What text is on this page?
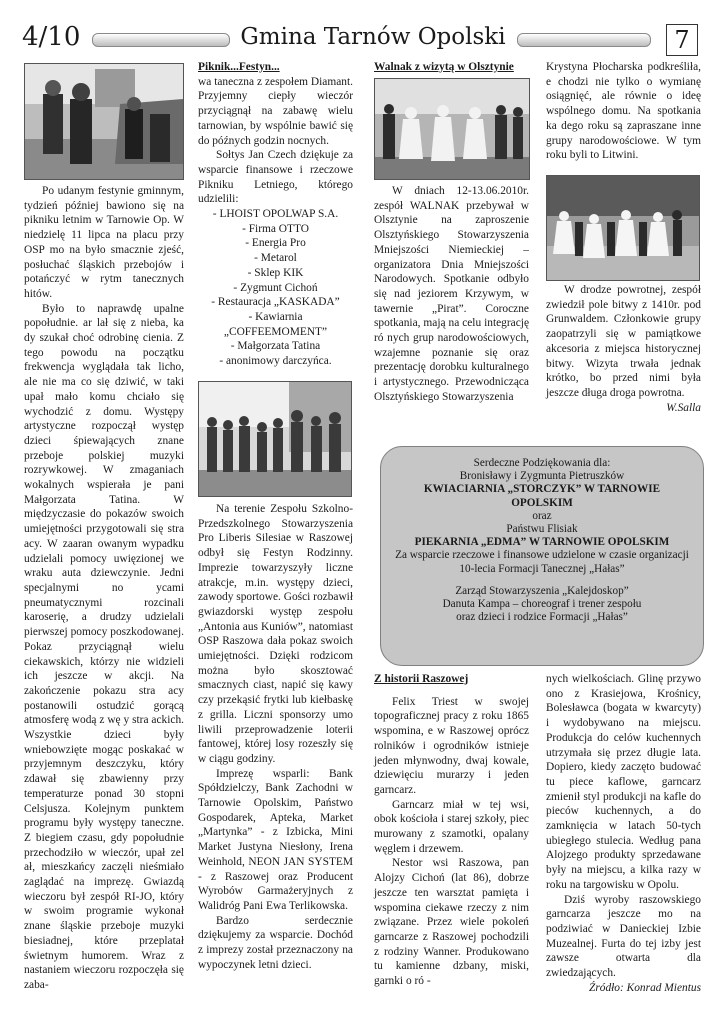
4/10	Gmina Tarnów Opolski	7

Po udanym festynie gminnym, tydzień później bawiono się na pikniku letnim w Tarnowie Op. W niedzielę 11 lipca na placu przy OSP mo na było smacznie zjeść, posłuchać śląskich przebojów i potańczyć w rytm tanecznych hitów.

Było to naprawdę upalne popołudnie. ar lał się z nieba, ka dy szukał choć odrobinę cienia. Z tego powodu na początku frekwencja wyglądała tak licho, ale nie ma co się dziwić, w taki upał mało komu chciało się wychodzić z domu. Występy artystyczne rozpoczął występ dzieci śpiewających znane przeboje polskiej muzyki rozrywkowej. W zmaganiach wokalnych wspierała je pani Małgorzata Tatina. W międzyczasie do pokazów swoich umiejętności przygotowali się stra acy. W zaaran owanym wypadku udzielali pomocy uwięzionej we wraku auta dziewczynie. Jedni specjalnymi no ycami pneumatycznymi rozcinali karoserię, a drudzy udzielali pierwszej pomocy poszkodowanej. Pokaz przyciągnął wielu ciekawskich, którzy nie widzieli ich jeszcze w akcji. Na zakończenie pokazu stra acy postanowili ostudzić gorącą atmosferę wodą z wę y stra ackich. Wszystkie dzieci były wniebowzięte mogąc poskakać w przyjemnym deszczyku, który zdawał się zbawienny przy temperaturze ponad 30 stopni Celsjusza. Kolejnym punktem programu były występy taneczne. Z biegiem czasu, gdy popołudnie przechodziło w wieczór, upał zel ał, mieszkańcy zaczęli nieśmiało zaglądać na imprezę. Gwiazdą wieczoru był zespół RI-JO, który w swoim programie wykonał znane śląskie przeboje muzyki biesiadnej, które przeplatał świetnym humorem. Wraz z nastaniem wieczoru rozpoczęła się zaba-

Piknik...Festyn...

wa taneczna z zespołem Diamant. Przyjemny ciepły wieczór przyciągnął na zabawę wielu tarnowian, by wspólnie bawić się do późnych godzin nocnych.

Sołtys Jan Czech dziękuje za wsparcie finansowe i rzeczowe Pikniku Letniego, którego udzielili:

- LHOIST OPOLWAP S.A.

- Firma OTTO

- Energia Pro

- Metarol

- Sklep KIK

- Zygmunt Cichoń

- Restauracja „KASKADA”

- Kawiarnia

„COFFEEMOMENT”

- Małgorzata Tatina

- anonimowy darczyńca.

Na terenie Zespołu Szkolno-Przedszkolnego Stowarzyszenia Pro Liberis Silesiae w Raszowej odbył się Festyn Rodzinny. Imprezie towarzyszyły liczne atrakcje, m.in. występy dzieci, zawody sportowe. Gości rozbawił gwiazdorski występ zespołu „Antonia aus Kuniów”, natomiast OSP Raszowa dała pokaz swoich umiejętności. Dzięki rodzicom można było skosztować smacznych ciast, napić się kawy czy przekąsić frytki lub kiełbaskę z grilla. Liczni sponsorzy umo liwili przeprowadzenie loterii fantowej, której losy rozeszły się w ciągu godziny.

Imprezę wsparli: Bank Spółdzielczy, Bank Zachodni w Tarnowie Opolskim, Państwo Gospodarek, Apteka, Market „Martynka” - z Izbicka, Mini Market Justyna Niesłony, Irena Weinhold, NEON JAN SYSTEM - z Raszowej oraz Producent Wyrobów Garmażeryjnych z Walidróg Pani Ewa Terlikowska.

Bardzo serdecznie dziękujemy za wsparcie. Dochód z imprezy został przeznaczony na wypoczynek letni dzieci.

Walnak z wizytą w Olsztynie

W dniach 12-13.06.2010r. zespół WALNAK przebywał w Olsztynie na zaproszenie Olsztyńskiego Stowarzyszenia Mniejszości Niemieckiej – organizatora Dnia Mniejszości Narodowych. Spotkanie odbyło się nad jeziorem Krzywym, w tawernie „Pirat”. Coroczne spotkania, mają na celu integrację ró nych grup narodowościowych, wzajemne poznanie się oraz prezentację dorobku kulturalnego i artystycznego. Przewodnicząca Olsztyńskiego Stowarzyszenia

Krystyna Płocharska podkreśliła, e chodzi nie tylko o wymianę osiągnięć, ale równie o ideę wspólnego domu. Na spotkania ka dego roku są zapraszane inne grupy narodowościowe. W tym roku byli to Litwini.

W drodze powrotnej, zespół zwiedził pole bitwy z 1410r. pod Grunwaldem. Członkowie grupy zaopatrzyli się w pamiątkowe akcesoria z miejsca historycznej bitwy. Wizyta trwała jednak krótko, bo przed nimi była jeszcze długa droga powrotna.

W.Salla

Serdeczne Podziękowania dla:
Bronisławy i Zygmunta Pietruszków
KWIACIARNIA „STORCZYK” W TARNOWIE OPOLSKIM
oraz
Państwu Flisiak
PIEKARNIA „EDMA” W TARNOWIE OPOLSKIM
Za wsparcie rzeczowe i finansowe udzielone w czasie organizacji 10-lecia Formacji Tanecznej „Hałas”
Zarząd Stowarzyszenia „Kalejdoskop”
Danuta Kampa – choreograf i trener zespołu
oraz dzieci i rodzice Formacji „Hałas”

Z historii Raszowej

Felix Triest w swojej topograficznej pracy z roku 1865 wspomina, e w Raszowej oprócz rolników i ogrodników istnieje jeden młynwodny, dwaj kowale, dziewięciu murarzy i jeden garncarz.

Garncarz miał w tej wsi, obok kościoła i starej szkoły, piec murowany z szamotki, opalany węglem i drzewem.

Nestor wsi Raszowa, pan Alojzy Cichoń (lat 86), dobrze jeszcze ten warsztat pamięta i wspomina ciekawe rzeczy z nim związane. Przez wiele pokoleń garncarze z Raszowej pochodzili z rodziny Wanner. Produkowano tu kamienne dzbany, miski, garnki o ró -

nych wielkościach. Glinę przywo ono z Krasiejowa, Krośnicy, Bolesławca (bogata w kwarcyty) i wydobywano na miejscu. Produkcja do celów kuchennych utrzymała się przez długie lata. Dopiero, kiedy zaczęto budować tu piece kaflowe, garncarz zmienił styl produkcji na kafle do pieców kuchennych, a do zamknięcia w latach 50-tych ubiegłego stulecia. Według pana Alojzego produkty sprzedawane były na miejscu, a kilka razy w roku na targowisku w Opolu.

Dziś wyroby raszowskiego garncarza jeszcze mo na podziwiać w Danieckiej Izbie Muzealnej. Furta do tej izby jest zawsze otwarta dla zwiedzających.

Źródło: Konrad Mientus
